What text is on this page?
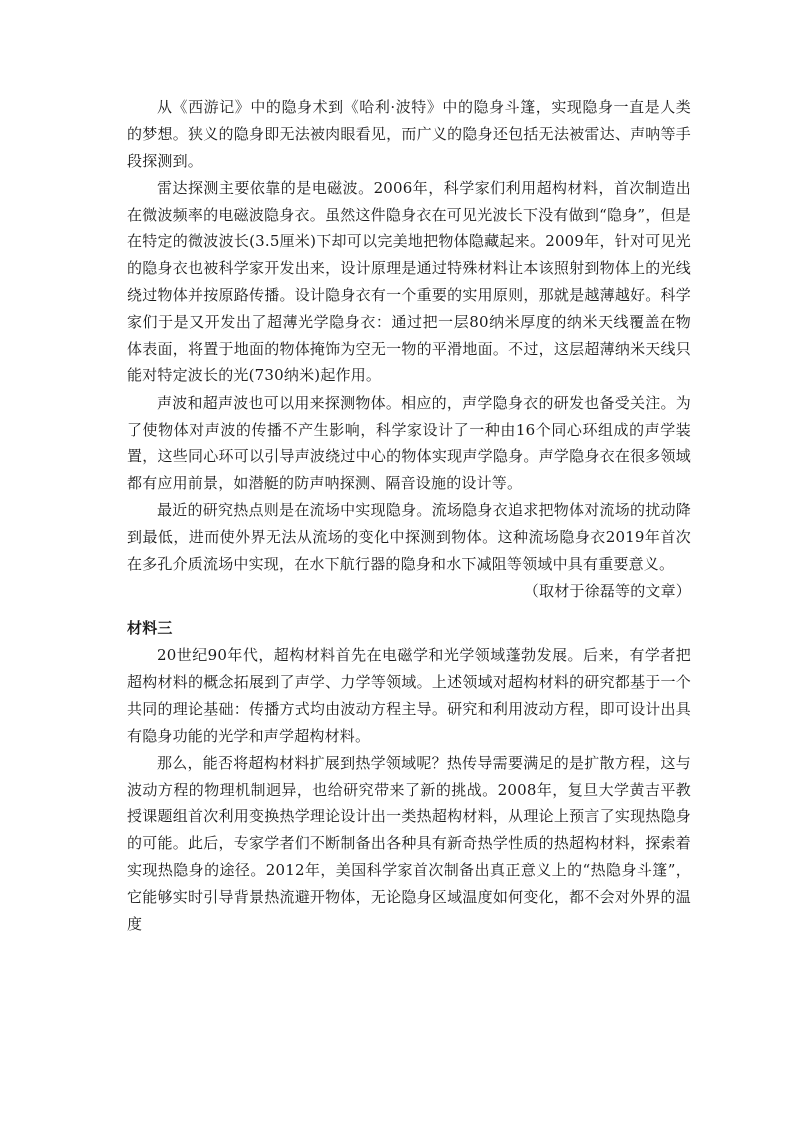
从《西游记》中的隐身术到《哈利·波特》中的隐身斗篷，实现隐身一直是人类的梦想。狭义的隐身即无法被肉眼看见，而广义的隐身还包括无法被雷达、声呐等手段探测到。

雷达探测主要依靠的是电磁波。2006年，科学家们利用超构材料，首次制造出在微波频率的电磁波隐身衣。虽然这件隐身衣在可见光波长下没有做到“隐身”，但是在特定的微波波长(3.5厘米)下却可以完美地把物体隐藏起来。2009年，针对可见光的隐身衣也被科学家开发出来，设计原理是通过特殊材料让本该照射到物体上的光线绕过物体并按原路传播。设计隐身衣有一个重要的实用原则，那就是越薄越好。科学家们于是又开发出了超薄光学隐身衣：通过把一层80纳米厚度的纳米天线覆盖在物体表面，将置于地面的物体掩饰为空无一物的平滑地面。不过，这层超薄纳米天线只能对特定波长的光(730纳米)起作用。

声波和超声波也可以用来探测物体。相应的，声学隐身衣的研发也备受关注。为了使物体对声波的传播不产生影响，科学家设计了一种由16个同心环组成的声学装置，这些同心环可以引导声波绕过中心的物体实现声学隐身。声学隐身衣在很多领域都有应用前景，如潜艇的防声呐探测、隔音设施的设计等。

最近的研究热点则是在流场中实现隐身。流场隐身衣追求把物体对流场的扰动降到最低，进而使外界无法从流场的变化中探测到物体。这种流场隐身衣2019年首次在多孔介质流场中实现，在水下航行器的隐身和水下减阻等领域中具有重要意义。

（取材于徐磊等的文章）

材料三

20世纪90年代，超构材料首先在电磁学和光学领域蓬勃发展。后来，有学者把超构材料的概念拓展到了声学、力学等领域。上述领域对超构材料的研究都基于一个共同的理论基础：传播方式均由波动方程主导。研究和利用波动方程，即可设计出具有隐身功能的光学和声学超构材料。

那么，能否将超构材料扩展到热学领域呢？热传导需要满足的是扩散方程，这与波动方程的物理机制迥异，也给研究带来了新的挑战。2008年，复旦大学黄吉平教授课题组首次利用变换热学理论设计出一类热超构材料，从理论上预言了实现热隐身的可能。此后，专家学者们不断制备出各种具有新奇热学性质的热超构材料，探索着实现热隐身的途径。2012年，美国科学家首次制备出真正意义上的“热隐身斗篷”，它能够实时引导背景热流避开物体，无论隐身区域温度如何变化，都不会对外界的温度
